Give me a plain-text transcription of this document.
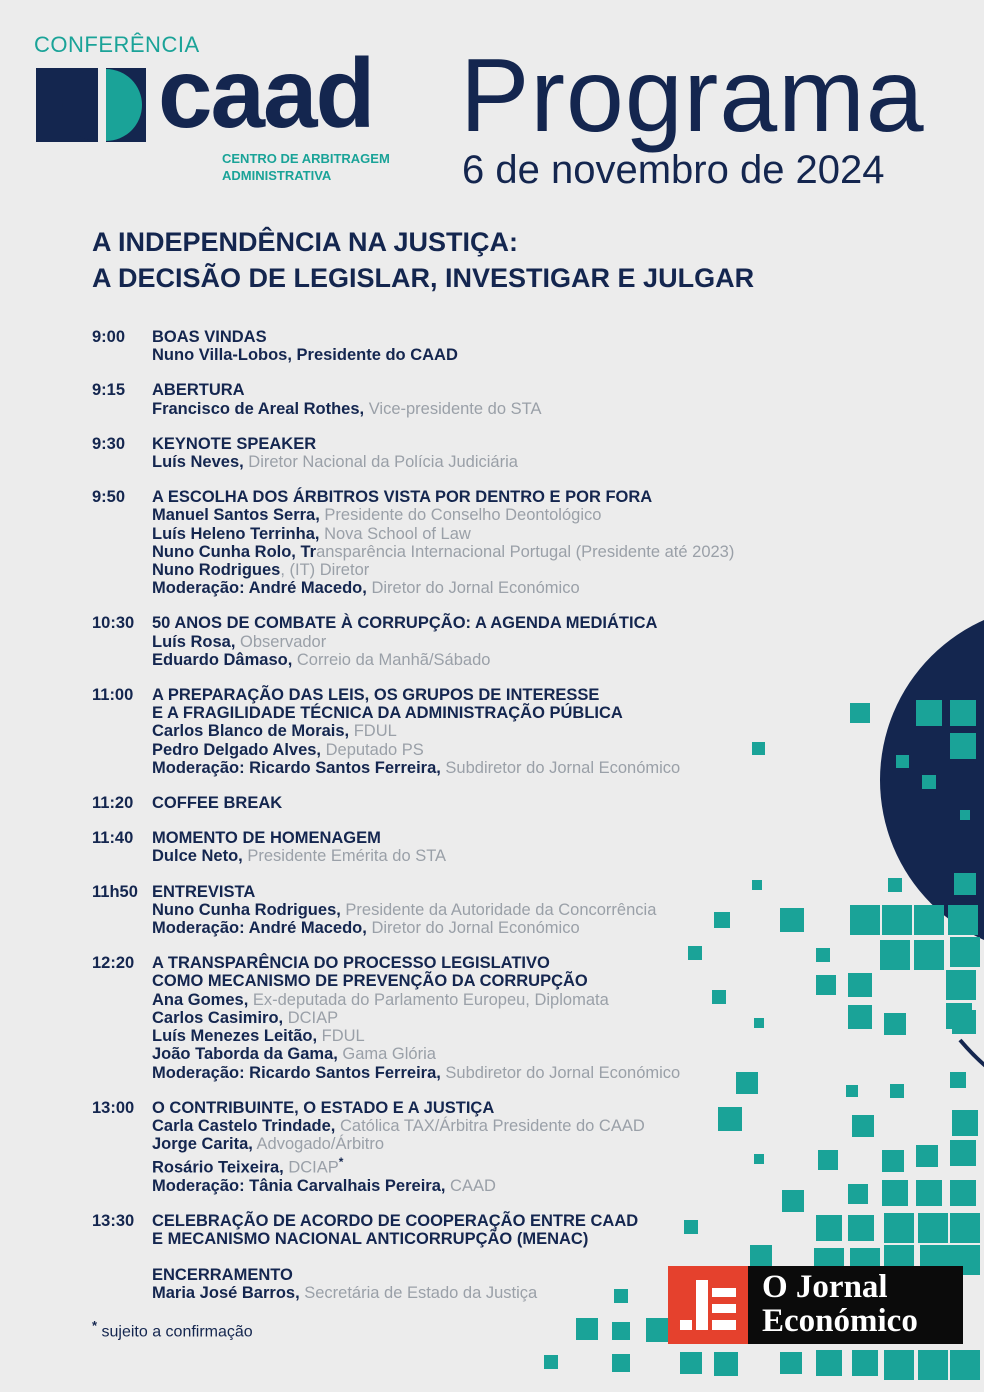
CONFERÊNCIA
caad
CENTRO DE ARBITRAGEM
ADMINISTRATIVA
Programa
6 de novembro de 2024
A INDEPENDÊNCIA NA JUSTIÇA:
A DECISÃO DE LEGISLAR, INVESTIGAR E JULGAR
9:00	BOAS VINDAS
Nuno Villa-Lobos, Presidente do CAAD
9:15	ABERTURA
Francisco de Areal Rothes, Vice-presidente do STA
9:30	KEYNOTE SPEAKER
Luís Neves, Diretor Nacional da Polícia Judiciária
9:50	A ESCOLHA DOS ÁRBITROS VISTA POR DENTRO E POR FORA
Manuel Santos Serra, Presidente do Conselho Deontológico
Luís Heleno Terrinha, Nova School of Law
Nuno Cunha Rolo, Transparência Internacional Portugal (Presidente até 2023)
Nuno Rodrigues, (IT) Diretor
Moderação: André Macedo, Diretor do Jornal Económico
10:30	50 ANOS DE COMBATE À CORRUPÇÃO: A AGENDA MEDIÁTICA
Luís Rosa, Observador
Eduardo Dâmaso, Correio da Manhã/Sábado
11:00	A PREPARAÇÃO DAS LEIS, OS GRUPOS DE INTERESSE
E A FRAGILIDADE TÉCNICA DA ADMINISTRAÇÃO PÚBLICA
Carlos Blanco de Morais, FDUL
Pedro Delgado Alves, Deputado PS
Moderação: Ricardo Santos Ferreira, Subdiretor do Jornal Económico
11:20	COFFEE BREAK
11:40	MOMENTO DE HOMENAGEM
Dulce Neto, Presidente Emérita do STA
11h50 ENTREVISTA
Nuno Cunha Rodrigues, Presidente da Autoridade da Concorrência
Moderação: André Macedo, Diretor do Jornal Económico
12:20	A TRANSPARÊNCIA DO PROCESSO LEGISLATIVO
COMO MECANISMO DE PREVENÇÃO DA CORRUPÇÃO
Ana Gomes, Ex-deputada do Parlamento Europeu, Diplomata
Carlos Casimiro, DCIAP
Luís Menezes Leitão, FDUL
João Taborda da Gama, Gama Glória
Moderação: Ricardo Santos Ferreira, Subdiretor do Jornal Económico
13:00	O CONTRIBUINTE, O ESTADO E A JUSTIÇA
Carla Castelo Trindade, Católica TAX/Árbitra Presidente do CAAD
Jorge Carita, Advogado/Árbitro
Rosário Teixeira, DCIAP*
Moderação: Tânia Carvalhais Pereira, CAAD
13:30	CELEBRAÇÃO DE ACORDO DE COOPERAÇÃO ENTRE CAAD
E MECANISMO NACIONAL ANTICORRUPÇÃO (MENAC)
ENCERRAMENTO
Maria José Barros, Secretária de Estado da Justiça
* sujeito a confirmação
O Jornal
Económico
